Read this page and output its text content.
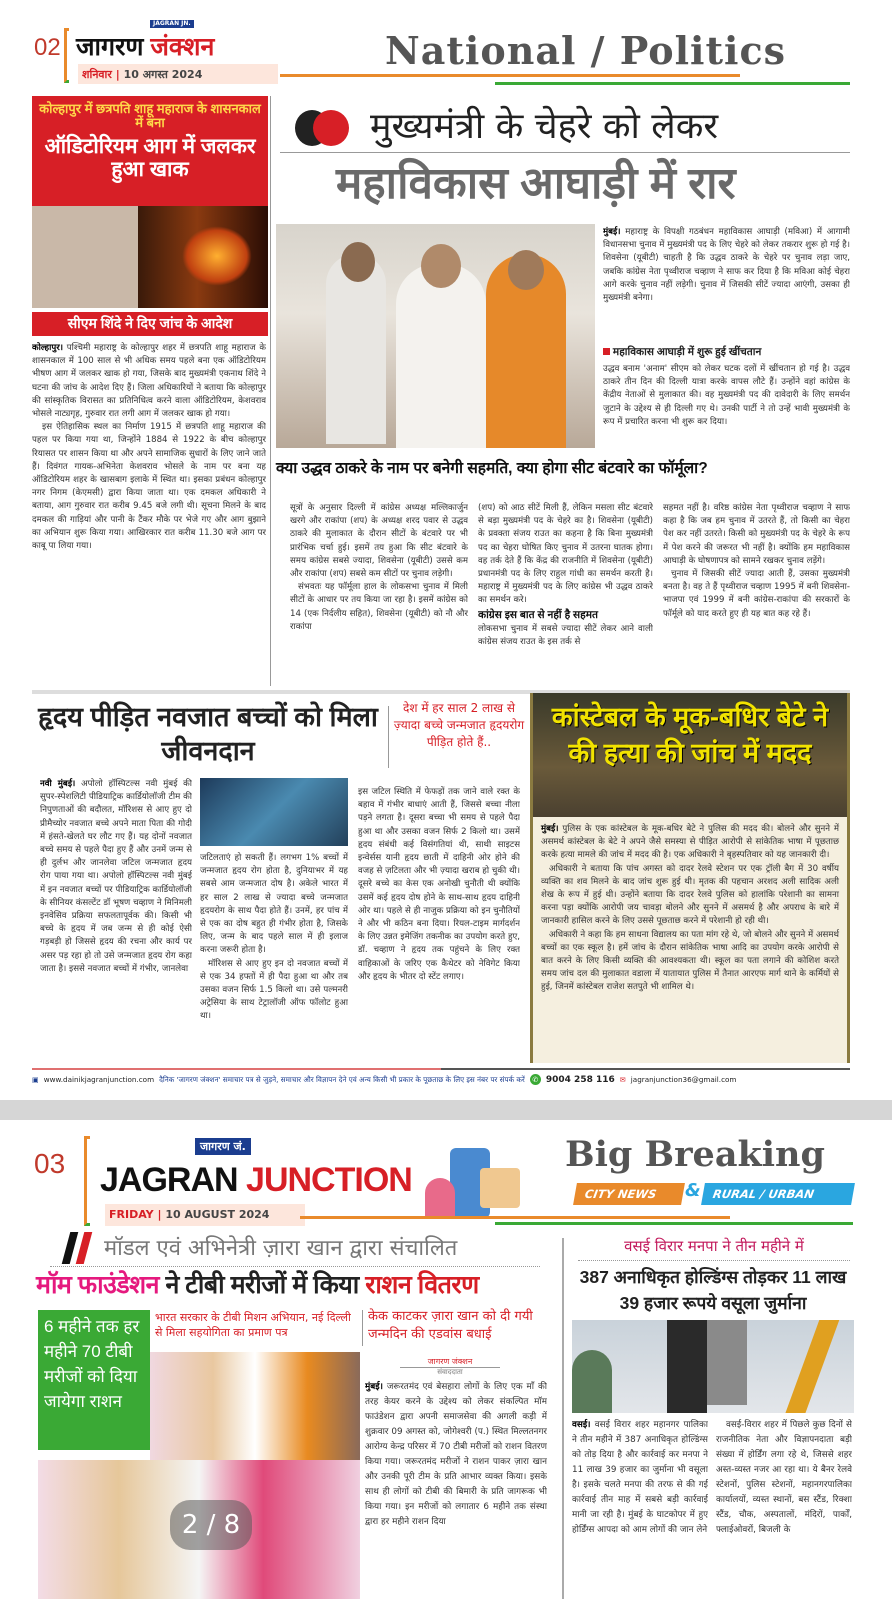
02
JAGRAN JN.
जागरण जंक्शन
शनिवार | 10 अगस्त 2024
National / Politics
कोल्हापुर में छत्रपति शाहू महाराज के शासनकाल में बना
ऑडिटोरियम आग में जलकर हुआ खाक
सीएम शिंदे ने दिए जांच के आदेश

कोल्हापुर। पश्चिमी महाराष्ट्र के कोल्हापुर शहर में छत्रपति शाहू महाराज के शासनकाल में 100 साल से भी अधिक समय पहले बना एक ऑडिटोरियम भीषण आग में जलकर खाक हो गया, जिसके बाद मुख्यमंत्री एकनाथ शिंदे ने घटना की जांच के आदेश दिए हैं। जिला अधिकारियों ने बताया कि कोल्हापुर की सांस्कृतिक विरासत का प्रतिनिधित्व करने वाला ऑडिटोरियम, केशवराव भोसले नाट्यगृह, गुरुवार रात लगी आग में जलकर खाक हो गया।

इस ऐतिहासिक स्थल का निर्माण 1915 में छत्रपति शाहू महाराज की पहल पर किया गया था, जिन्होंने 1884 से 1922 के बीच कोल्हापुर रियासत पर शासन किया था और अपने सामाजिक सुधारों के लिए जाने जाते हैं। दिवंगत गायक-अभिनेता केशवराव भोसले के नाम पर बना यह ऑडिटोरियम शहर के खासबाग इलाके में स्थित था। इसका प्रबंधन कोल्हापुर नगर निगम (केएमसी) द्वारा किया जाता था। एक दमकल अधिकारी ने बताया, आग गुरुवार रात करीब 9.45 बजे लगी थी। सूचना मिलने के बाद दमकल की गाड़ियां और पानी के टैंकर मौके पर भेजे गए और आग बुझाने का अभियान शुरू किया गया। आखिरकार रात करीब 11.30 बजे आग पर काबू पा लिया गया।

मुख्यमंत्री के चेहरे को लेकर
महाविकास आघाड़ी में रार
मुंबई। महाराष्ट्र के विपक्षी गठबंधन महाविकास आघाड़ी (मविआ) में आगामी विधानसभा चुनाव में मुख्यमंत्री पद के लिए चेहरे को लेकर तकरार शुरू हो गई है। शिवसेना (यूबीटी) चाहती है कि उद्धव ठाकरे के चेहरे पर चुनाव लड़ा जाए, जबकि कांग्रेस नेता पृथ्वीराज चव्हाण ने साफ कर दिया है कि मविआ कोई चेहरा आगे करके चुनाव नहीं लड़ेगी। चुनाव में जिसकी सीटें ज्यादा आएंगी, उसका ही मुख्यमंत्री बनेगा।
महाविकास आघाड़ी में शुरू हुई खींचतान
उद्धव बनाम 'अनाम' सीएम को लेकर घटक दलों में खींचतान हो गई है। उद्धव ठाकरे तीन दिन की दिल्ली यात्रा करके वापस लौटे हैं। उन्होंने वहां कांग्रेस के केंद्रीय नेताओं से मुलाकात की। वह मुख्यमंत्री पद की दावेदारी के लिए समर्थन जुटाने के उद्देश्य से ही दिल्ली गए थे। उनकी पार्टी ने तो उन्हें भावी मुख्यमंत्री के रूप में प्रचारित करना भी शुरू कर दिया।
क्या उद्धव ठाकरे के नाम पर बनेगी सहमति, क्या होगा सीट बंटवारे का फॉर्मूला?

सूत्रों के अनुसार दिल्ली में कांग्रेस अध्यक्ष मल्लिकार्जुन खरगे और राकांपा (शप) के अध्यक्ष शरद पवार से उद्धव ठाकरे की मुलाकात के दौरान सीटों के बंटवारे पर भी प्रारंभिक चर्चा हुई। इसमें तय हुआ कि सीट बंटवारे के समय कांग्रेस सबसे ज्यादा, शिवसेना (यूबीटी) उससे कम और राकांपा (शप) सबसे कम सीटों पर चुनाव लड़ेगी।

संभवतः यह फॉर्मूला हाल के लोकसभा चुनाव में मिली सीटों के आधार पर तय किया जा रहा है। इसमें कांग्रेस को 14 (एक निर्दलीय सहित), शिवसेना (यूबीटी) को नौ और राकांपा

(शप) को आठ सीटें मिली हैं, लेकिन मसला सीट बंटवारे से बड़ा मुख्यमंत्री पद के चेहरे का है। शिवसेना (यूबीटी) के प्रवक्ता संजय राउत का कहना है कि बिना मुख्यमंत्री पद का चेहरा घोषित किए चुनाव में उतरना घातक होगा। वह तर्क देते हैं कि केंद्र की राजनीति में शिवसेना (यूबीटी) प्रधानमंत्री पद के लिए राहुल गांधी का समर्थन करती है। महाराष्ट्र में मुख्यमंत्री पद के लिए कांग्रेस भी उद्धव ठाकरे का समर्थन करे।

कांग्रेस इस बात से नहीं है सहमत

लोकसभा चुनाव में सबसे ज्यादा सीटें लेकर आने वाली कांग्रेस संजय राउत के इस तर्क से

सहमत नहीं है। वरिष्ठ कांग्रेस नेता पृथ्वीराज चव्हाण ने साफ कहा है कि जब हम चुनाव में उतरते हैं, तो किसी का चेहरा पेश कर नहीं उतरते। किसी को मुख्यमंत्री पद के चेहरे के रूप में पेश करने की जरूरत भी नहीं है। क्योंकि हम महाविकास आघाड़ी के घोषणापत्र को सामने रखकर चुनाव लड़ेंगे।

चुनाव में जिसकी सीटें ज्यादा आती हैं, उसका मुख्यमंत्री बनता है। वह ते हैं पृथ्वीराज चव्हाण 1995 में बनी शिवसेना-भाजपा एवं 1999 में बनी कांग्रेस-राकांपा की सरकारों के फॉर्मूले को याद करते हुए ही यह बात कह रहे हैं।

हृदय पीड़ित नवजात बच्चों को मिला जीवनदान
देश में हर साल 2 लाख से ज़्यादा बच्चे जन्मजात हृदयरोग पीड़ित होते हैं..
नवी मुंबई। अपोलो हॉस्पिटल्स नवी मुंबई की सुपर-स्पेशलिटी पीडियाट्रिक कार्डियोलॉजी टीम की निपुणताओं की बदौलत, मॉरिशस से आए हुए दो प्रीमैच्योर नवजात बच्चे अपने माता पिता की गोदी में हंसते-खेलते घर लौट गए हैं। यह दोनों नवजात बच्चे समय से पहले पैदा हुए हैं और उनमें जन्म से ही दुर्लभ और जानलेवा जटिल जन्मजात हृदय रोग पाया गया था। अपोलो हॉस्पिटल्स नवी मुंबई में इन नवजात बच्चों पर पीडियाट्रिक कार्डियोलॉजी के सीनियर कंसल्टेंट डॉ भूषण चव्हाण ने मिनिमली इनवेसिव प्रक्रिया सफलतापूर्वक की। किसी भी बच्चे के हृदय में जब जन्म से ही कोई ऐसी गड़बड़ी हो जिससे हृदय की रचना और कार्य पर असर पड़ रहा हो तो उसे जन्मजात हृदय रोग कहा जाता है। इससे नवजात बच्चों में गंभीर, जानलेवा

जटिलताएं हो सकती हैं। लगभग 1% बच्चों में जन्मजात हृदय रोग होता है, दुनियाभर में यह सबसे आम जन्मजात दोष है। अकेले भारत में हर साल 2 लाख से ज्यादा बच्चे जन्मजात हृदयरोग के साथ पैदा होते हैं। उनमें, हर पांच में से एक का दोष बहुत ही गंभीर होता है, जिसके लिए, जन्म के बाद पहले साल में ही इलाज करना जरूरी होता है।

मॉरिशस से आए हुए इन दो नवजात बच्चों में से एक 34 हफ्तों में ही पैदा हुआ था और तब उसका वजन सिर्फ 1.5 किलो था। उसे पल्मनरी अट्रेसिया के साथ टेट्रालॉजी ऑफ फॉलोट हुआ था।

इस जटिल स्थिति में फेफड़ों तक जाने वाले रक्त के बहाव में गंभीर बाधाएं आती हैं, जिससे बच्चा नीला पड़ने लगता है। दूसरा बच्चा भी समय से पहले पैदा हुआ था और उसका वजन सिर्फ 2 किलो था। उसमें हृदय संबंधी कई विसंगतियां थी, साथी साइटस इन्वेर्सस यानी हृदय छाती में दाहिनी ओर होने की वजह से ज़टिलता और भी ज़्यादा खराब हो चुकी थी। दूसरे बच्चे का केस एक अनोखी चुनौती थी क्योंकि उसमें कई हृदय दोष होने के साथ-साथ हृदय दाहिनी ओर था। पहले से ही नाजुक प्रक्रिया को इन चुनौतियों ने और भी कठिन बना दिया। रियल-टाइम मार्गदर्शन के लिए उन्नत इमेजिंग तकनीक का उपयोग करते हुए, डॉ. चव्हाण ने हृदय तक पहुंचने के लिए रक्त वाहिकाओं के जरिए एक कैथेटर को नेविगेट किया और हृदय के भीतर दो स्टेंट लगाए।
कांस्टेबल के मूक-बधिर बेटे ने की हत्या की जांच में मदद

मुंबई। पुलिस के एक कांस्टेबल के मूक-बधिर बेटे ने पुलिस की मदद की। बोलने और सुनने में असमर्थ कांस्टेबल के बेटे ने अपने जैसे समस्या से पीड़ित आरोपी से सांकेतिक भाषा में पूछताछ करके हत्या मामले की जांच में मदद की है। एक अधिकारी ने बृहस्पतिवार को यह जानकारी दी।

अधिकारी ने बताया कि पांच अगस्त को दादर रेलवे स्टेशन पर एक ट्रॉली बैग में 30 वर्षीय व्यक्ति का शव मिलने के बाद जांच शुरू हुई थी। मृतक की पहचान अरशद अली सादिक अली शेख के रूप में हुई थी। उन्होंने बताया कि दादर रेलवे पुलिस को हालांकि परेशानी का सामना करना पड़ा क्योंकि आरोपी जय चावड़ा बोलने और सुनने में असमर्थ है और अपराध के बारे में जानकारी हासिल करने के लिए उससे पूछताछ करने में परेशानी हो रही थी।

अधिकारी ने कहा कि हम साधना विद्यालय का पता मांग रहे थे, जो बोलने और सुनने में असमर्थ बच्चों का एक स्कूल है। हमें जांच के दौरान सांकेतिक भाषा आदि का उपयोग करके आरोपी से बात करने के लिए किसी व्यक्ति की आवश्यकता थी। स्कूल का पता लगाने की कोशिश करते समय जांच दल की मुलाकात वडाला में यातायात पुलिस में तैनात आरएफ मार्ग थाने के कर्मियों से हुई, जिनमें कांस्टेबल राजेश सतपुते भी शामिल थे।

▣ www.dainikjagranjunction.com दैनिक 'जागरण जंक्शन' समाचार पत्र से जुड़ने, समाचार और विज्ञापन देने एवं अन्य किसी भी प्रकार के पूछताछ के लिए इस नंबर पर संपर्क करें	✆ 9004 258 116 ✉ jagranjunction36@gmail.com
03
जागरण जं.
JAGRAN JUNCTION
FRIDAY | 10 AUGUST 2024
Big Breaking
CITY NEWS	& RURAL / URBAN
मॉडल एवं अभिनेत्री ज़ारा खान द्वारा संचालित
मॉम फाउंडेशन ने टीबी मरीजों में किया राशन वितरण
6 महीने तक हर महीने 70 टीबी मरीजों को दिया जायेगा राशन
भारत सरकार के टीबी मिशन अभियान, नई दिल्ली से मिला सहयोगिता का प्रमाण पत्र
केक काटकर ज़ारा खान को दी गयी जन्मदिन की एडवांस बधाई
जागरण जंक्शन
संवाददाता
मुंबई। जरूरतमंद एवं बेसहारा लोगों के लिए एक माँ की तरह केयर करने के उद्देश्य को लेकर संकल्पित मॉम फाउंडेशन द्वारा अपनी समाजसेवा की अगली कड़ी में शुक्रवार 09 अगस्त को, जोगेश्वरी (प.) स्थित मिल्लतनगर आरोग्य केन्द्र परिसर में 70 टीबी मरीजों को राशन वितरण किया गया। जरूरतमंद मरीजों ने राशन पाकर ज़ारा खान और उनकी पूरी टीम के प्रति आभार व्यक्त किया। इसके साथ ही लोगों को टीबी की बिमारी के प्रति जागरूक भी किया गया। इन मरीजों को लगातार 6 महीने तक संस्था द्वारा हर महीने राशन दिया
वसई विरार मनपा ने तीन महीने में
387 अनाधिकृत होल्डिंग्स तोड़कर 11 लाख 39 हजार रूपये वसूला जुर्माना
वसई। वसई विरार शहर महानगर पालिका ने तीन महीने में 387 अनाधिकृत होल्डिंग्स को तोड़ दिया है और कार्रवाई कर मनपा ने 11 लाख 39 हजार का जुर्माना भी वसूला है। इसके चलते मनपा की तरफ से की गई कार्रवाई तीन माह में सबसे बड़ी कार्रवाई मानी जा रही है। मुंबई के घाटकोपर में हुए होर्डिंग्स आपदा को आम लोगों की जान लेने
वसई-विरार शहर में पिछले कुछ दिनों से राजनीतिक नेता और विज्ञापनदाता बड़ी संख्या में होर्डिंग लगा रहे थे, जिससे शहर अस्त-व्यस्त नजर आ रहा था। ये बैनर रेलवे स्टेशनों, पुलिस स्टेशनों, महानगरपालिका कार्यालयों, व्यस्त स्थानों, बस स्टैंड, रिक्शा स्टैंड, चौक, अस्पतालों, मंदिरों, पार्कों, फ्लाईओवरों, बिजली के
2 / 8
